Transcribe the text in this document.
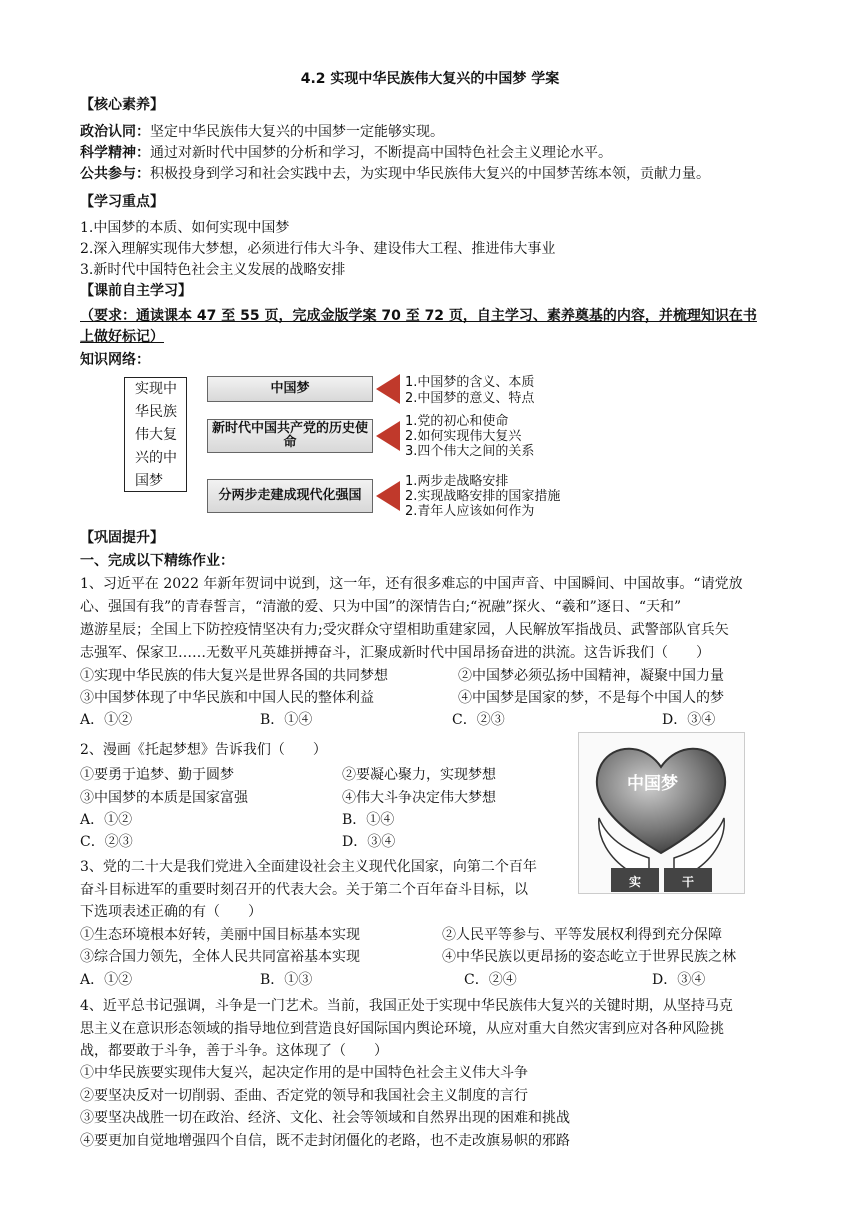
4.2 实现中华民族伟大复兴的中国梦 学案
【核心素养】
政治认同：坚定中华民族伟大复兴的中国梦一定能够实现。
科学精神：通过对新时代中国梦的分析和学习，不断提高中国特色社会主义理论水平。
公共参与：积极投身到学习和社会实践中去，为实现中华民族伟大复兴的中国梦苦练本领，贡献力量。
【学习重点】
1.中国梦的本质、如何实现中国梦
2.深入理解实现伟大梦想，必须进行伟大斗争、建设伟大工程、推进伟大事业
3.新时代中国特色社会主义发展的战略安排
【课前自主学习】
（要求：通读课本 47 至 55 页，完成金版学案 70 至 72 页，自主学习、素养奠基的内容，并梳理知识在书
上做好标记）
知识网络：
实现中华民族伟大复兴的中国梦
中国梦	1.中国梦的含义、本质
2.中国梦的意义、特点
新时代中国共产党的历史使命
1.党的初心和使命
2.如何实现伟大复兴
3.四个伟大之间的关系
分两步走建成现代化强国
1.两步走战略安排
2.实现战略安排的国家措施
2.青年人应该如何作为
【巩固提升】
一、完成以下精练作业：
1、习近平在 2022 年新年贺词中说到，这一年，还有很多难忘的中国声音、中国瞬间、中国故事。“请党放
心、强国有我”的青春誓言，“清澈的爱、只为中国”的深情告白;“祝融”探火、“羲和”逐日、“天和”
遨游星辰；全国上下防控疫情坚决有力;受灾群众守望相助重建家园，人民解放军指战员、武警部队官兵矢
志强军、保家卫……无数平凡英雄拼搏奋斗，汇聚成新时代中国昂扬奋进的洪流。这告诉我们（　　）
①实现中华民族的伟大复兴是世界各国的共同梦想	②中国梦必须弘扬中国精神，凝聚中国力量
③中国梦体现了中华民族和中国人民的整体利益	④中国梦是国家的梦，不是每个中国人的梦
A．①②	B．①④	C．②③	D．③④
2、漫画《托起梦想》告诉我们（　　）
①要勇于追梦、勤于圆梦	②要凝心聚力，实现梦想
③中国梦的本质是国家富强	④伟大斗争决定伟大梦想
A．①②	B．①④
C．②③	D．③④
中国梦
实	干
3、党的二十大是我们党进入全面建设社会主义现代化国家，向第二个百年
奋斗目标进军的重要时刻召开的代表大会。关于第二个百年奋斗目标，以
下选项表述正确的有（　　）
①生态环境根本好转，美丽中国目标基本实现	②人民平等参与、平等发展权利得到充分保障
③综合国力领先，全体人民共同富裕基本实现	④中华民族以更昂扬的姿态屹立于世界民族之林
A．①②	B．①③	C．②④	D．③④
4、近平总书记强调，斗争是一门艺术。当前，我国正处于实现中华民族伟大复兴的关键时期，从坚持马克
思主义在意识形态领域的指导地位到营造良好国际国内舆论环境，从应对重大自然灾害到应对各种风险挑
战，都要敢于斗争，善于斗争。这体现了（　　）
①中华民族要实现伟大复兴，起决定作用的是中国特色社会主义伟大斗争
②要坚决反对一切削弱、歪曲、否定党的领导和我国社会主义制度的言行
③要坚决战胜一切在政治、经济、文化、社会等领域和自然界出现的困难和挑战
④要更加自觉地增强四个自信，既不走封闭僵化的老路，也不走改旗易帜的邪路
